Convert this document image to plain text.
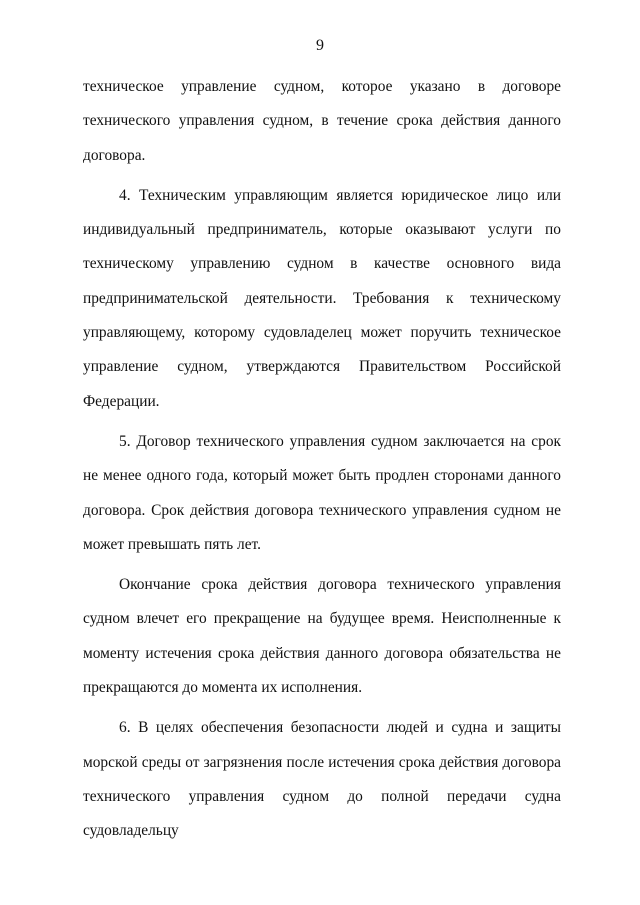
9

техническое управление судном, которое указано в договоре технического управления судном, в течение срока действия данного договора.

4. Техническим управляющим является юридическое лицо или индивидуальный предприниматель, которые оказывают услуги по техническому управлению судном в качестве основного вида предпринимательской деятельности. Требования к техническому управляющему, которому судовладелец может поручить техническое управление судном, утверждаются Правительством Российской Федерации.

5. Договор технического управления судном заключается на срок не менее одного года, который может быть продлен сторонами данного договора. Срок действия договора технического управления судном не может превышать пять лет.

Окончание срока действия договора технического управления судном влечет его прекращение на будущее время. Неисполненные к моменту истечения срока действия данного договора обязательства не прекращаются до момента их исполнения.

6. В целях обеспечения безопасности людей и судна и защиты морской среды от загрязнения после истечения срока действия договора технического управления судном до полной передачи судна судовладельцу
